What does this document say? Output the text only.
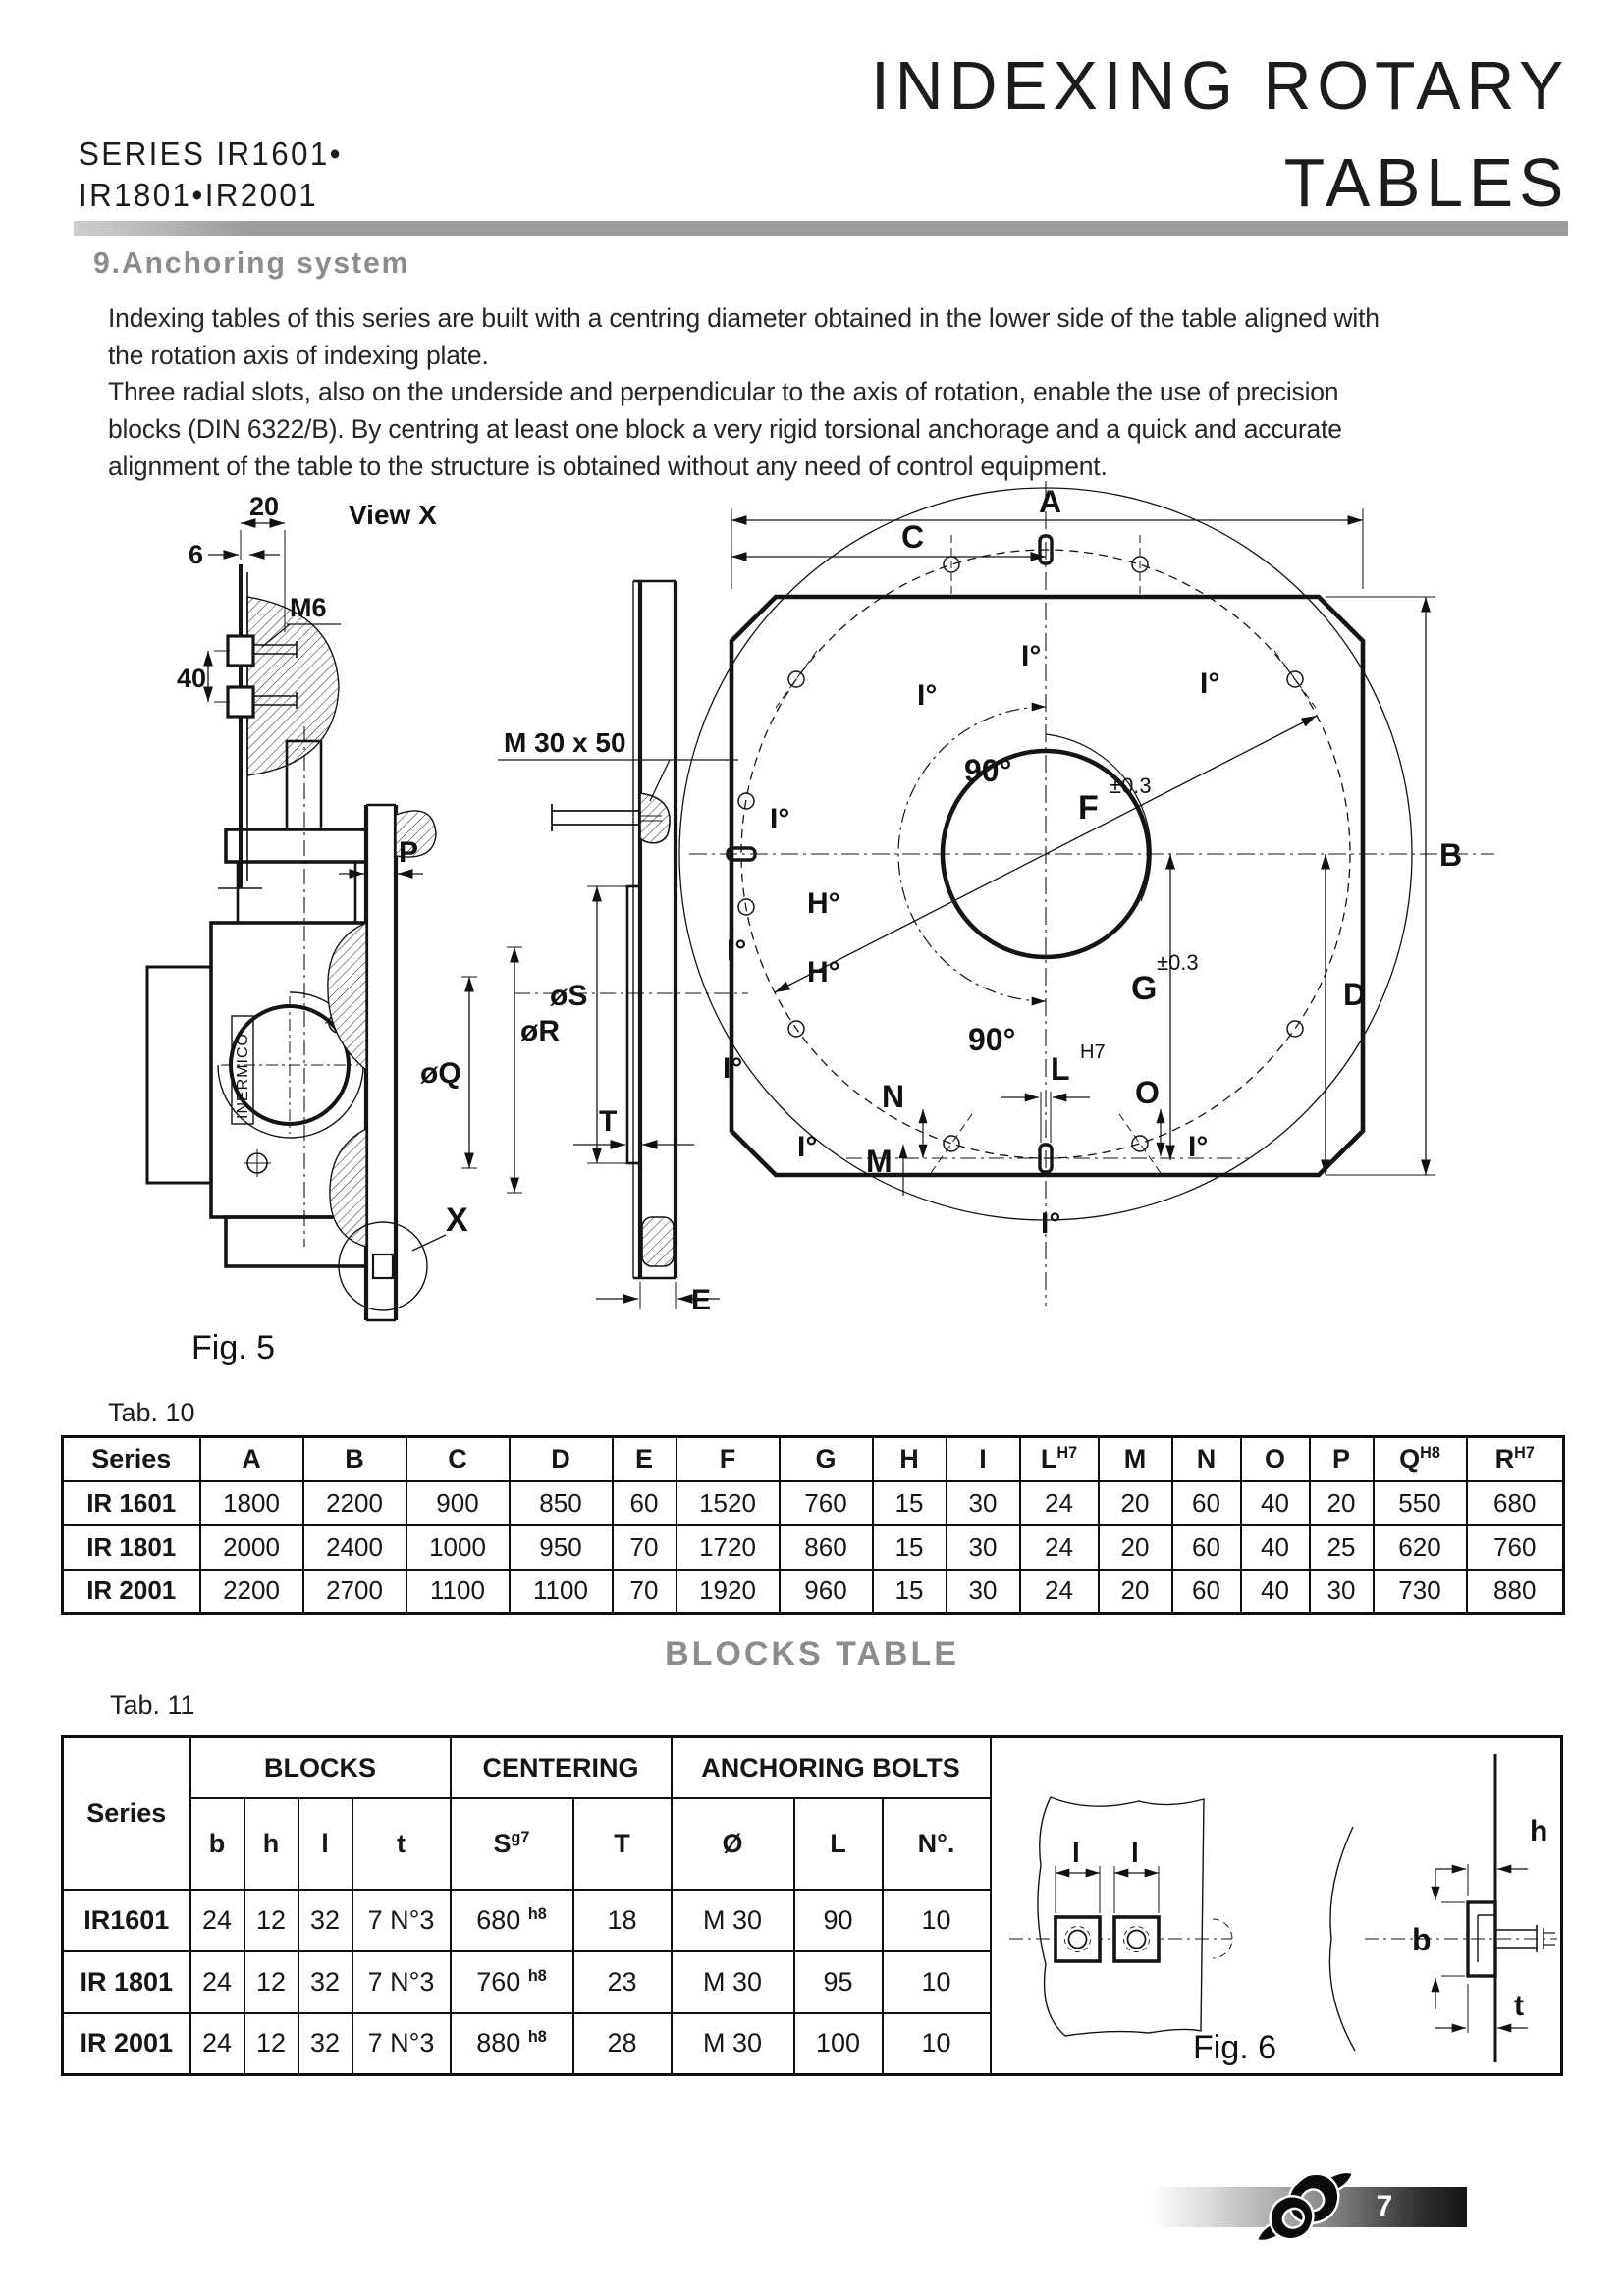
SERIES IR1601•
IR1801•IR2001
INDEXING ROTARY
TABLES
9.Anchoring system

Indexing tables of this series are built with a centring diameter obtained in the lower side of the table aligned with the rotation axis of indexing plate.

Three radial slots, also on the underside and perpendicular to the axis of rotation, enable the use of precision blocks (DIN 6322/B). By centring at least one block a very rigid torsional anchorage and a quick and accurate alignment of the table to the structure is obtained without any need of control equipment.

20	View X
6
M6
40
INERMICO
P
øQ
øR
X
Fig. 5
M 30 x 50
øS
T
E
A
C
B
D
I°
I°
I°
I°
I°
I°
I°	I°
I°
H°
H°
90°
90°
F
±0.3
G
±0.3
L H7
N
M
O
Tab. 10
Series	A	B	C	D	E	F	G	H	I	$L^{H7}$	M	N	O	P	$Q^{H8}$	$R^{H7}$
IR 1601	1800	2200	900	850	60	1520	760	15	30	24	20	60	40	20	550	680
IR 1801	2000	2400	1000	950	70	1720	860	15	30	24	20	60	40	25	620	760
IR 2001	2200	2700	1100	1100	70	1920	960	15	30	24	20	60	40	30	730	880
BLOCKS TABLE
Tab. 11
Series	BLOCKS	CENTERING	ANCHORING BOLTS	
l l
h
b
t
Fig. 6

	b	h	l	t	$S^{g7}$	T	Ø	L	N°.	
IR1601	24	12	32	7 N°3	680 $^{h8}$	18	M 30	90	10	
IR 1801	24	12	32	7 N°3	760 $^{h8}$	23	M 30	95	10	
IR 2001	24	12	32	7 N°3	880 $^{h8}$	28	M 30	100	10	
7
